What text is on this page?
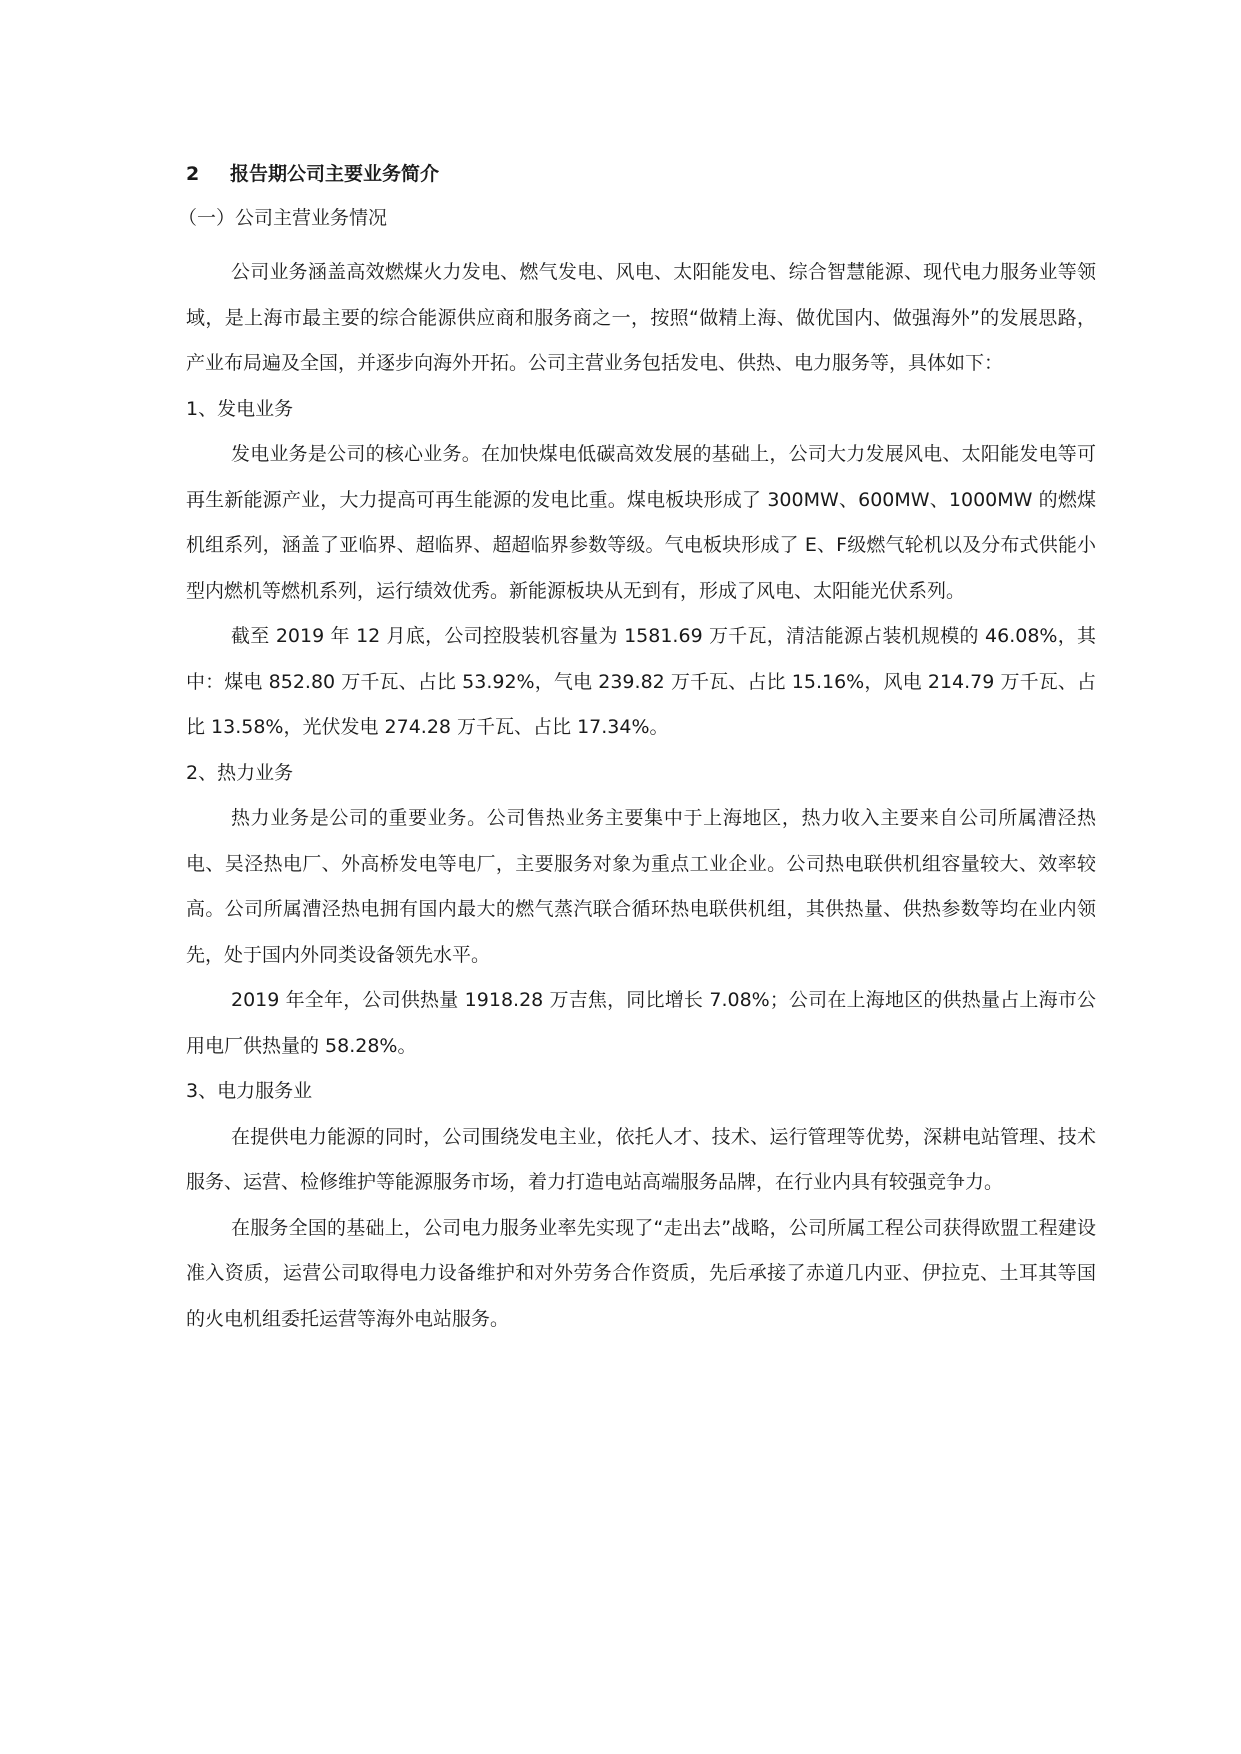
2 报告期公司主要业务简介
（一）公司主营业务情况

公司业务涵盖高效燃煤火力发电、燃气发电、风电、太阳能发电、综合智慧能源、现代电力服务业等领域，是上海市最主要的综合能源供应商和服务商之一，按照“做精上海、做优国内、做强海外”的发展思路，产业布局遍及全国，并逐步向海外开拓。公司主营业务包括发电、供热、电力服务等，具体如下：

1、发电业务

发电业务是公司的核心业务。在加快煤电低碳高效发展的基础上，公司大力发展风电、太阳能发电等可再生新能源产业，大力提高可再生能源的发电比重。煤电板块形成了 300MW、600MW、1000MW 的燃煤机组系列，涵盖了亚临界、超临界、超超临界参数等级。气电板块形成了 E、F级燃气轮机以及分布式供能小型内燃机等燃机系列，运行绩效优秀。新能源板块从无到有，形成了风电、太阳能光伏系列。

截至 2019 年 12 月底，公司控股装机容量为 1581.69 万千瓦，清洁能源占装机规模的 46.08%，其中：煤电 852.80 万千瓦、占比 53.92%，气电 239.82 万千瓦、占比 15.16%，风电 214.79 万千瓦、占比 13.58%，光伏发电 274.28 万千瓦、占比 17.34%。

2、热力业务

热力业务是公司的重要业务。公司售热业务主要集中于上海地区，热力收入主要来自公司所属漕泾热电、吴泾热电厂、外高桥发电等电厂，主要服务对象为重点工业企业。公司热电联供机组容量较大、效率较高。公司所属漕泾热电拥有国内最大的燃气蒸汽联合循环热电联供机组，其供热量、供热参数等均在业内领先，处于国内外同类设备领先水平。

2019 年全年，公司供热量 1918.28 万吉焦，同比增长 7.08%；公司在上海地区的供热量占上海市公用电厂供热量的 58.28%。

3、电力服务业

在提供电力能源的同时，公司围绕发电主业，依托人才、技术、运行管理等优势，深耕电站管理、技术服务、运营、检修维护等能源服务市场，着力打造电站高端服务品牌，在行业内具有较强竞争力。

在服务全国的基础上，公司电力服务业率先实现了“走出去”战略，公司所属工程公司获得欧盟工程建设准入资质，运营公司取得电力设备维护和对外劳务合作资质，先后承接了赤道几内亚、伊拉克、土耳其等国的火电机组委托运营等海外电站服务。
